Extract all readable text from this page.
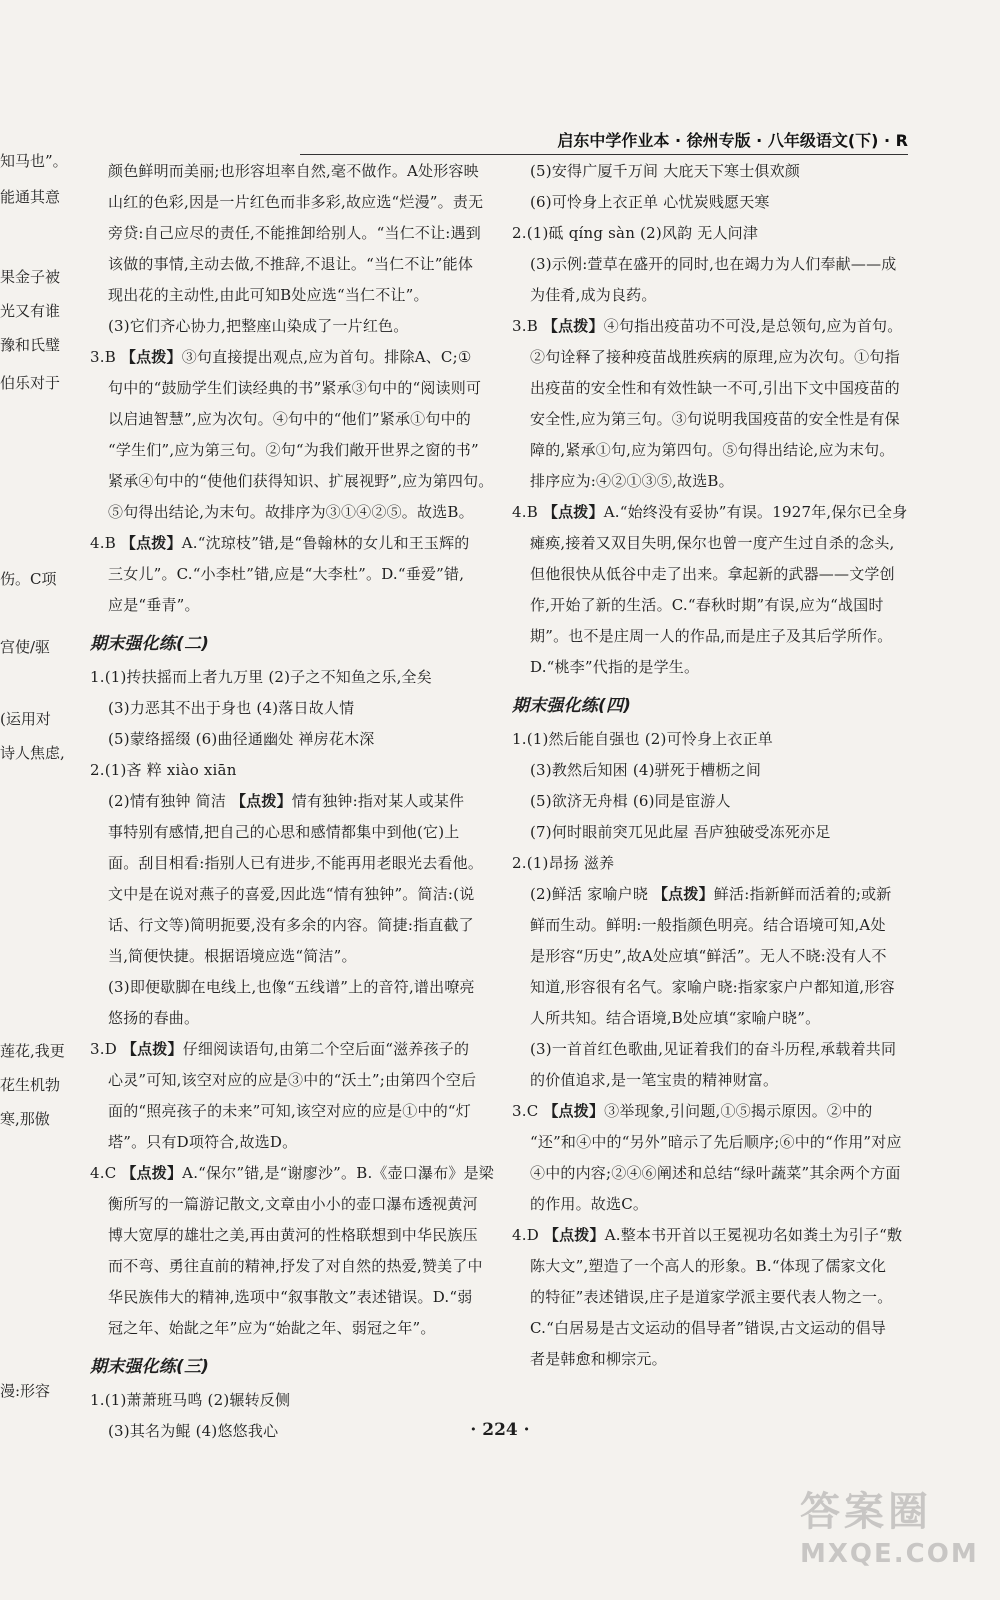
启东中学作业本 · 徐州专版 · 八年级语文(下) · R
知马也”。
能通其意
果金子被
光又有谁
豫和氏璧
伯乐对于
伤。C项
宫使/驱
(运用对
诗人焦虑,
莲花,我更
花生机勃
寒,那傲
漫:形容
颜色鲜明而美丽;也形容坦率自然,毫不做作。A处形容映
山红的色彩,因是一片红色而非多彩,故应选“烂漫”。责无
旁贷:自己应尽的责任,不能推卸给别人。“当仁不让:遇到
该做的事情,主动去做,不推辞,不退让。“当仁不让”能体
现出花的主动性,由此可知B处应选“当仁不让”。
(3)它们齐心协力,把整座山染成了一片红色。
3.B 【点拨】③句直接提出观点,应为首句。排除A、C;①
句中的“鼓励学生们读经典的书”紧承③句中的“阅读则可
以启迪智慧”,应为次句。④句中的“他们”紧承①句中的
“学生们”,应为第三句。②句“为我们敞开世界之窗的书”
紧承④句中的“使他们获得知识、扩展视野”,应为第四句。
⑤句得出结论,为末句。故排序为③①④②⑤。故选B。
4.B 【点拨】A.“沈琼枝”错,是“鲁翰林的女儿和王玉辉的
三女儿”。C.“小李杜”错,应是“大李杜”。D.“垂爱”错,
应是“垂青”。
期末强化练(二)
1.(1)抟扶摇而上者九万里 (2)子之不知鱼之乐,全矣
(3)力恶其不出于身也 (4)落日故人情
(5)蒙络摇缀 (6)曲径通幽处 禅房花木深
2.(1)吝 粹 xiào xiān
(2)情有独钟 简洁 【点拨】情有独钟:指对某人或某件
事特别有感情,把自己的心思和感情都集中到他(它)上
面。刮目相看:指别人已有进步,不能再用老眼光去看他。
文中是在说对燕子的喜爱,因此选“情有独钟”。简洁:(说
话、行文等)简明扼要,没有多余的内容。简捷:指直截了
当,简便快捷。根据语境应选“简洁”。
(3)即便歇脚在电线上,也像“五线谱”上的音符,谱出嘹亮
悠扬的春曲。
3.D 【点拨】仔细阅读语句,由第二个空后面“滋养孩子的
心灵”可知,该空对应的应是③中的“沃土”;由第四个空后
面的“照亮孩子的未来”可知,该空对应的应是①中的“灯
塔”。只有D项符合,故选D。
4.C 【点拨】A.“保尔”错,是“谢廖沙”。B.《壶口瀑布》是梁
衡所写的一篇游记散文,文章由小小的壶口瀑布透视黄河
博大宽厚的雄壮之美,再由黄河的性格联想到中华民族压
而不弯、勇往直前的精神,抒发了对自然的热爱,赞美了中
华民族伟大的精神,选项中“叙事散文”表述错误。D.“弱
冠之年、始龀之年”应为“始龀之年、弱冠之年”。
期末强化练(三)
1.(1)萧萧班马鸣 (2)辗转反侧
(3)其名为鲲 (4)悠悠我心
(5)安得广厦千万间 大庇天下寒士俱欢颜
(6)可怜身上衣正单 心忧炭贱愿天寒
2.(1)砥 qíng sàn (2)风韵 无人问津
(3)示例:萱草在盛开的同时,也在竭力为人们奉献——成
为佳肴,成为良药。
3.B 【点拨】④句指出疫苗功不可没,是总领句,应为首句。
②句诠释了接种疫苗战胜疾病的原理,应为次句。①句指
出疫苗的安全性和有效性缺一不可,引出下文中国疫苗的
安全性,应为第三句。③句说明我国疫苗的安全性是有保
障的,紧承①句,应为第四句。⑤句得出结论,应为末句。
排序应为:④②①③⑤,故选B。
4.B 【点拨】A.“始终没有妥协”有误。1927年,保尔已全身
瘫痪,接着又双目失明,保尔也曾一度产生过自杀的念头,
但他很快从低谷中走了出来。拿起新的武器——文学创
作,开始了新的生活。C.“春秋时期”有误,应为“战国时
期”。也不是庄周一人的作品,而是庄子及其后学所作。
D.“桃李”代指的是学生。
期末强化练(四)
1.(1)然后能自强也 (2)可怜身上衣正单
(3)教然后知困 (4)骈死于槽枥之间
(5)欲济无舟楫 (6)同是宦游人
(7)何时眼前突兀见此屋 吾庐独破受冻死亦足
2.(1)昂扬 滋养
(2)鲜活 家喻户晓 【点拨】鲜活:指新鲜而活着的;或新
鲜而生动。鲜明:一般指颜色明亮。结合语境可知,A处
是形容“历史”,故A处应填“鲜活”。无人不晓:没有人不
知道,形容很有名气。家喻户晓:指家家户户都知道,形容
人所共知。结合语境,B处应填“家喻户晓”。
(3)一首首红色歌曲,见证着我们的奋斗历程,承载着共同
的价值追求,是一笔宝贵的精神财富。
3.C 【点拨】③举现象,引问题,①⑤揭示原因。②中的
“还”和④中的“另外”暗示了先后顺序;⑥中的“作用”对应
④中的内容;②④⑥阐述和总结“绿叶蔬菜”其余两个方面
的作用。故选C。
4.D 【点拨】A.整本书开首以王冕视功名如粪土为引子“敷
陈大文”,塑造了一个高人的形象。B.“体现了儒家文化
的特征”表述错误,庄子是道家学派主要代表人物之一。
C.“白居易是古文运动的倡导者”错误,古文运动的倡导
者是韩愈和柳宗元。
· 224 ·
答案圈
MXQE.COM
